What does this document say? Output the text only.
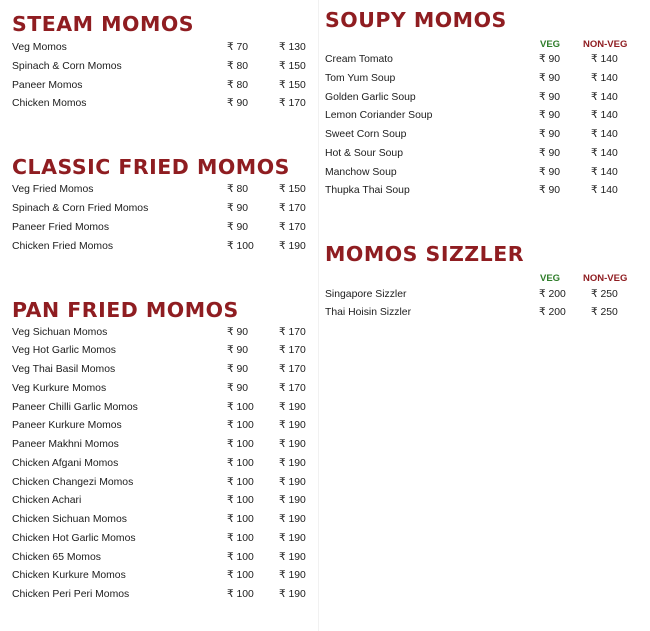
STEAM MOMOS
Veg Momos	₹ 70	₹ 130
Spinach & Corn Momos	₹ 80	₹ 150
Paneer Momos	₹ 80	₹ 150
Chicken Momos	₹ 90	₹ 170
CLASSIC FRIED MOMOS
Veg Fried Momos	₹ 80	₹ 150
Spinach & Corn Fried Momos	₹ 90	₹ 170
Paneer Fried Momos	₹ 90	₹ 170
Chicken Fried Momos	₹ 100 ₹ 190
PAN FRIED MOMOS
Veg Sichuan Momos	₹ 90	₹ 170
Veg Hot Garlic Momos	₹ 90	₹ 170
Veg Thai Basil Momos	₹ 90	₹ 170
Veg Kurkure Momos	₹ 90	₹ 170
Paneer Chilli Garlic Momos	₹ 100 ₹ 190
Paneer Kurkure Momos	₹ 100 ₹ 190
Paneer Makhni Momos	₹ 100 ₹ 190
Chicken Afgani Momos	₹ 100 ₹ 190
Chicken Changezi Momos	₹ 100 ₹ 190
Chicken Achari	₹ 100 ₹ 190
Chicken Sichuan Momos	₹ 100 ₹ 190
Chicken Hot Garlic Momos	₹ 100 ₹ 190
Chicken 65 Momos	₹ 100 ₹ 190
Chicken Kurkure Momos	₹ 100 ₹ 190
Chicken Peri Peri Momos	₹ 100 ₹ 190
SOUPY MOMOS
VEG NON-VEG
Cream Tomato	₹ 90	₹ 140
Tom Yum Soup	₹ 90	₹ 140
Golden Garlic Soup	₹ 90	₹ 140
Lemon Coriander Soup	₹ 90	₹ 140
Sweet Corn Soup	₹ 90	₹ 140
Hot & Sour Soup	₹ 90	₹ 140
Manchow Soup	₹ 90	₹ 140
Thupka Thai Soup	₹ 90	₹ 140
MOMOS SIZZLER
VEG NON-VEG
Singapore Sizzler	₹ 200 ₹ 250
Thai Hoisin Sizzler	₹ 200 ₹ 250
